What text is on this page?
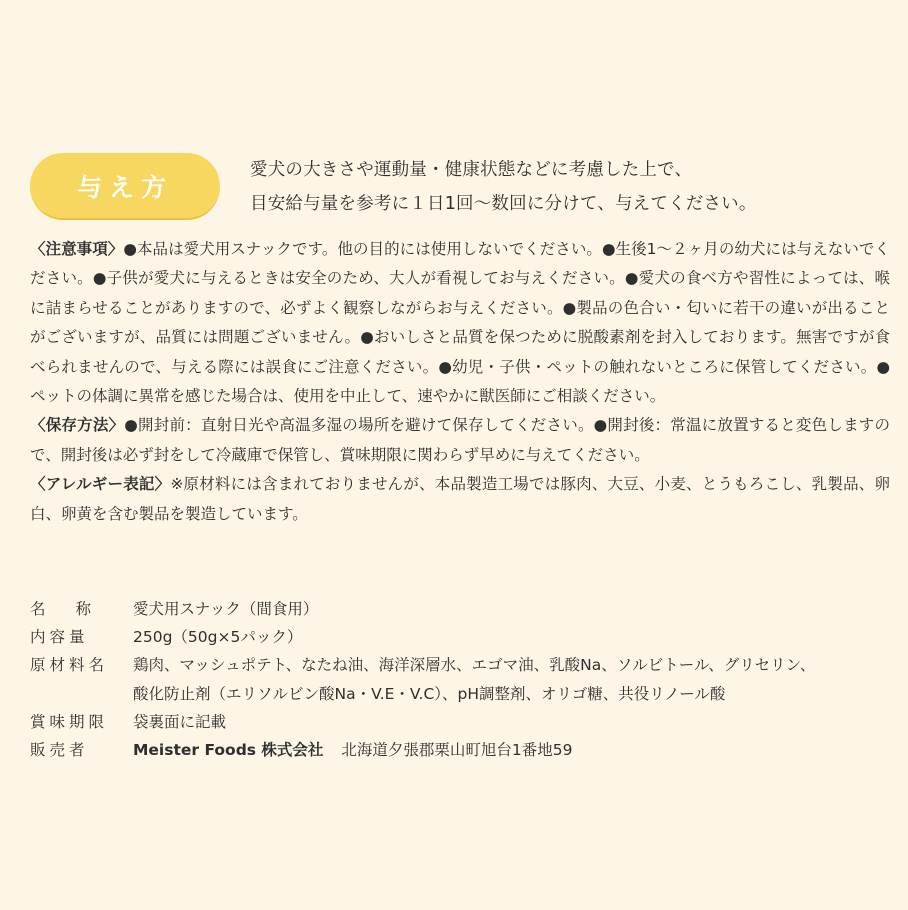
与え方
愛犬の大きさや運動量・健康状態などに考慮した上で、
目安給与量を参考に１日1回〜数回に分けて、与えてください。
〈注意事項〉●本品は愛犬用スナックです。他の目的には使用しないでください。●生後1〜２ヶ月の幼犬には与えないでください。●子供が愛犬に与えるときは安全のため、大人が看視してお与えください。●愛犬の食べ方や習性によっては、喉に詰まらせることがありますので、必ずよく観察しながらお与えください。●製品の色合い・匂いに若干の違いが出ることがございますが、品質には問題ございません。●おいしさと品質を保つために脱酸素剤を封入しております。無害ですが食べられませんので、与える際には誤食にご注意ください。●幼児・子供・ペットの触れないところに保管してください。●ペットの体調に異常を感じた場合は、使用を中止して、速やかに獣医師にご相談ください。
〈保存方法〉●開封前：直射日光や高温多湿の場所を避けて保存してください。●開封後：常温に放置すると変色しますので、開封後は必ず封をして冷蔵庫で保管し、賞味期限に関わらず早めに与えてください。
〈アレルギー表記〉※原材料には含まれておりませんが、本品製造工場では豚肉、大豆、小麦、とうもろこし、乳製品、卵白、卵黄を含む製品を製造しています。
名称 愛犬用スナック（間食用）
内容量	250g（50g×5パック）
原材料名	鶏肉、マッシュポテト、なたね油、海洋深層水、エゴマ油、乳酸Na、ソルビトール、グリセリン、
酸化防止剤（エリソルビン酸Na・V.E・V.C）、pH調整剤、オリゴ糖、共役リノール酸
賞味期限	袋裏面に記載
販売者	Meister Foods 株式会社 北海道夕張郡栗山町旭台1番地59
